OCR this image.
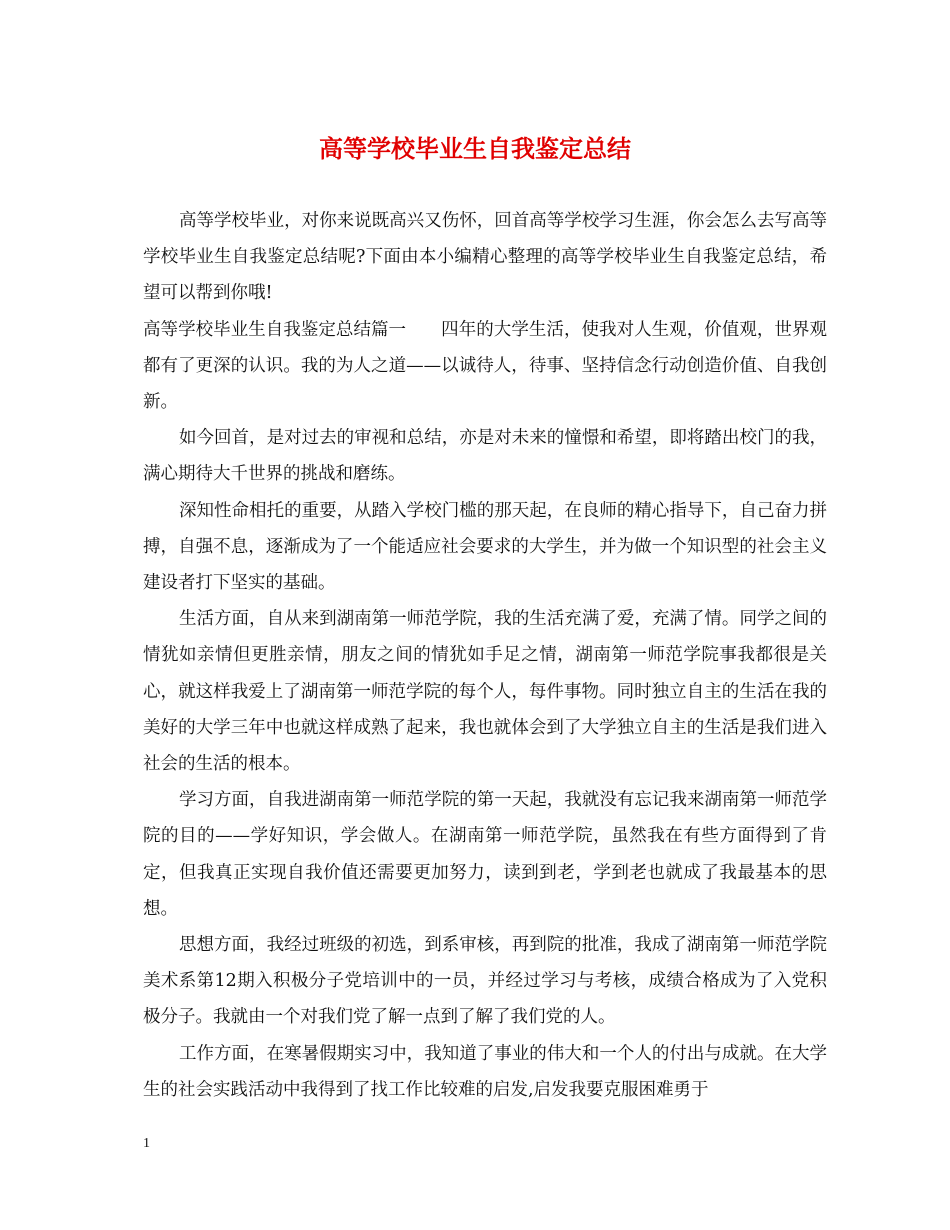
高等学校毕业生自我鉴定总结

高等学校毕业，对你来说既高兴又伤怀，回首高等学校学习生涯，你会怎么去写高等学校毕业生自我鉴定总结呢?下面由本小编精心整理的高等学校毕业生自我鉴定总结，希望可以帮到你哦!

高等学校毕业生自我鉴定总结篇一　　四年的大学生活，使我对人生观，价值观，世界观都有了更深的认识。我的为人之道——以诚待人，待事、坚持信念行动创造价值、自我创新。

如今回首，是对过去的审视和总结，亦是对未来的憧憬和希望，即将踏出校门的我，满心期待大千世界的挑战和磨练。

深知性命相托的重要，从踏入学校门槛的那天起，在良师的精心指导下，自己奋力拼搏，自强不息，逐渐成为了一个能适应社会要求的大学生，并为做一个知识型的社会主义建设者打下坚实的基础。

生活方面，自从来到湖南第一师范学院，我的生活充满了爱，充满了情。同学之间的情犹如亲情但更胜亲情，朋友之间的情犹如手足之情，湖南第一师范学院事我都很是关心，就这样我爱上了湖南第一师范学院的每个人，每件事物。同时独立自主的生活在我的美好的大学三年中也就这样成熟了起来，我也就体会到了大学独立自主的生活是我们进入社会的生活的根本。

学习方面，自我进湖南第一师范学院的第一天起，我就没有忘记我来湖南第一师范学院的目的——学好知识，学会做人。在湖南第一师范学院，虽然我在有些方面得到了肯定，但我真正实现自我价值还需要更加努力，读到到老，学到老也就成了我最基本的思想。

思想方面，我经过班级的初选，到系审核，再到院的批准，我成了湖南第一师范学院美术系第12期入积极分子党培训中的一员，并经过学习与考核，成绩合格成为了入党积极分子。我就由一个对我们党了解一点到了解了我们党的人。

工作方面，在寒暑假期实习中，我知道了事业的伟大和一个人的付出与成就。在大学生的社会实践活动中我得到了找工作比较难的启发,启发我要克服困难勇于

1
